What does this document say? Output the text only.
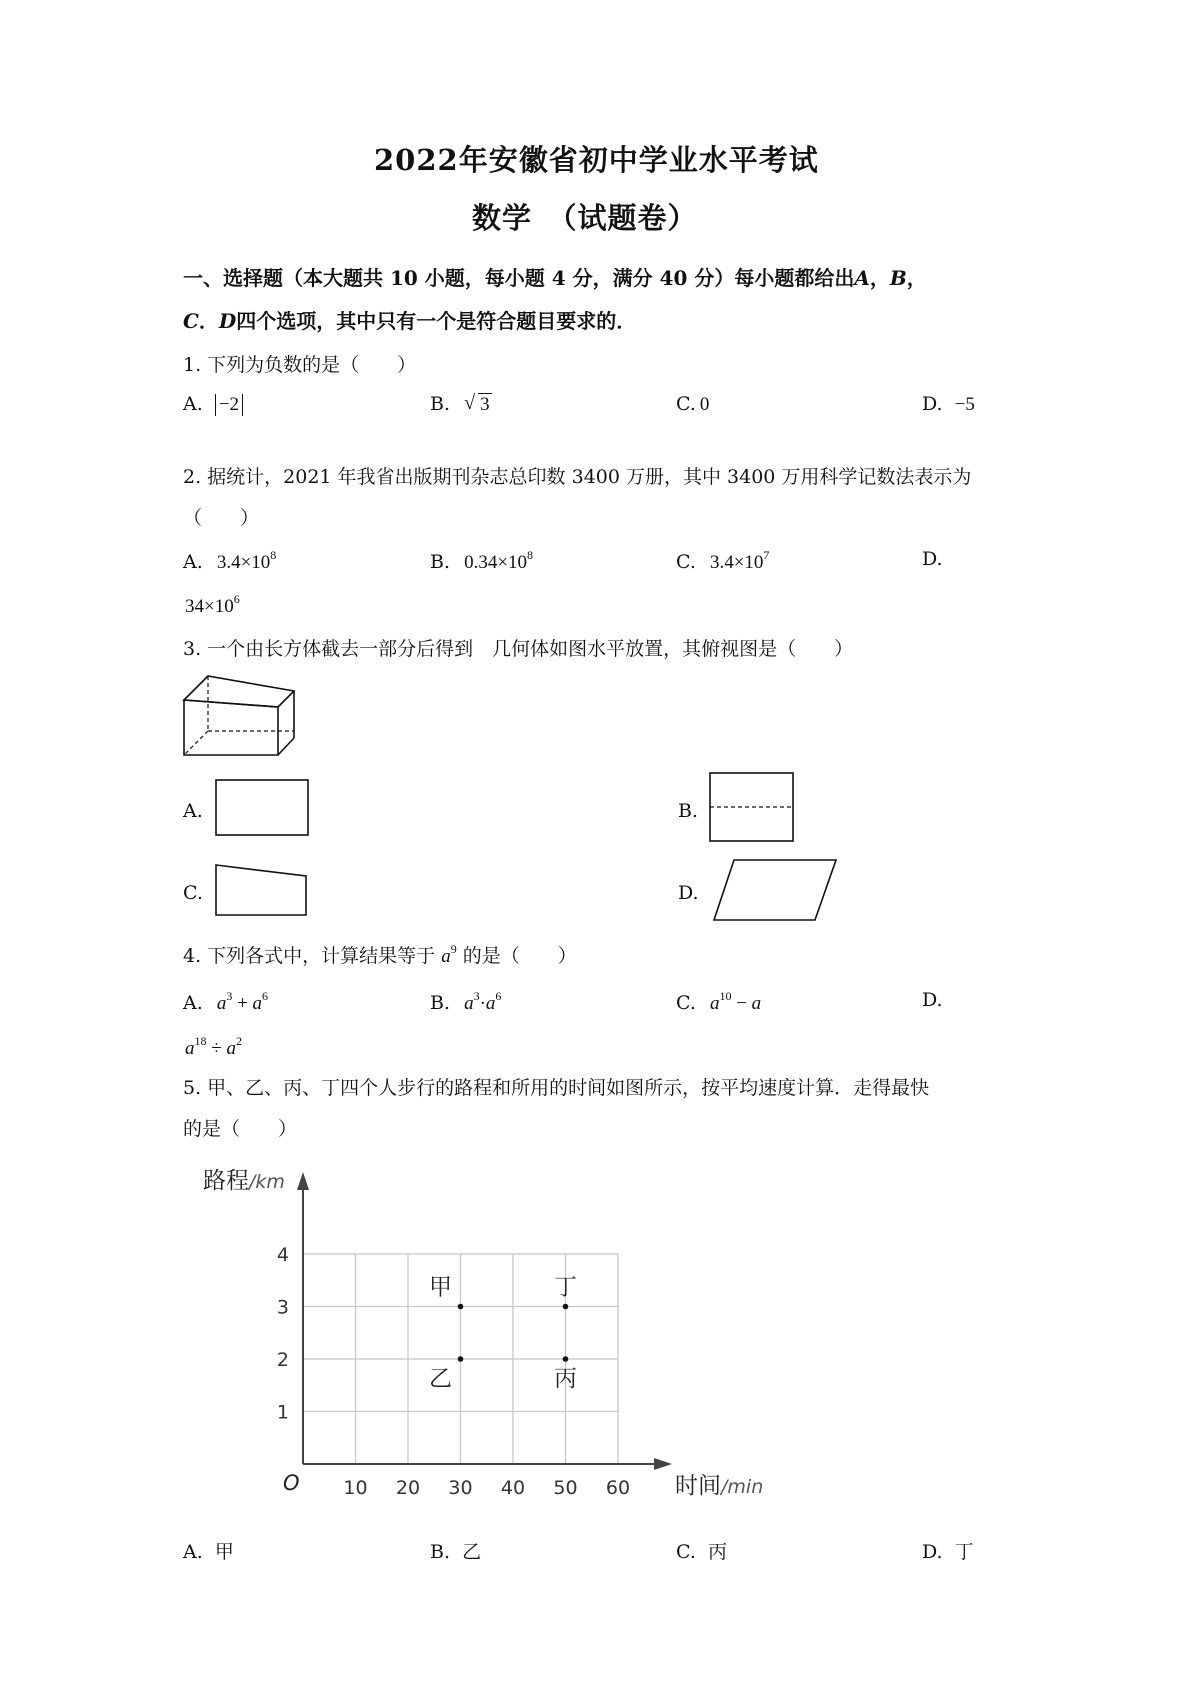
2022年安徽省初中学业水平考试
数学　（试题卷）
一、选择题（本大题共 10 小题，每小题 4 分，满分 40 分）每小题都给出A，B，
C．D四个选项，其中只有一个是符合题目要求的．
1. 下列为负数的是（　　）
A. −2	B. √ 3	C. 0	D. −5
2. 据统计，2021 年我省出版期刊杂志总印数 3400 万册，其中 3400 万用科学记数法表示为
（　　）
A. $3.4\times 10^8$	B. $0.34\times 10^8$	C. $3.4\times 10^7$	D.
$34\times 10^6$
3. 一个由长方体截去一部分后得到　几何体如图水平放置，其俯视图是（　　）
A.	B.
C.	D.
4. 下列各式中，计算结果等于 $a^9$ 的是（　　）
A. $a^3 + a^6$	B. $a^3\cdot a^6$	C. $a^{10} - a$	D.
$a^{18} \div a^2$
5. 甲、乙、丙、丁四个人步行的路程和所用的时间如图所示，按平均速度计算．走得最快
的是（　　）
10 20 30 40 50 60
1
2
3
4
甲
乙	丙
丁
路程/km
时间/min
O
A. 甲	B. 乙	C. 丙	D. 丁
